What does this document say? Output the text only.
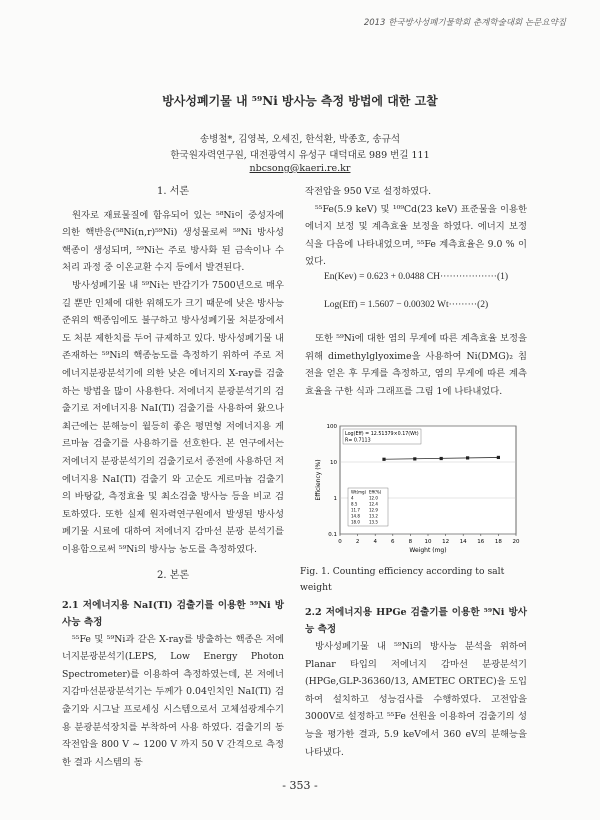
2013 한국방사성폐기물학회 춘계학술대회 논문요약집
방사성폐기물 내 ⁵⁹Ni 방사능 측정 방법에 대한 고찰
송병철*, 김영복, 오세진, 한석환, 박종호, 송규석
한국원자력연구원, 대전광역시 유성구 대덕대로 989 번길 111
nbcsong@kaeri.re.kr
1. 서론

원자로 재료물질에 함유되어 있는 ⁵⁸Ni이 중성자에 의한 핵반응(⁵⁸Ni(n,r)⁵⁹Ni) 생성물로써 ⁵⁹Ni 방사성 핵종이 생성되며, ⁵⁹Ni는 주로 방사화 된 금속이나 수 처리 과정 중 이온교환 수지 등에서 발견된다.

방사성폐기물 내 ⁵⁹Ni는 반감기가 7500년으로 매우 길 뿐만 인체에 대한 위해도가 크기 때문에 낮은 방사능 준위의 핵종임에도 불구하고 방사성폐기물 처분장에서도 처분 제한치를 두어 규제하고 있다. 방사성폐기물 내 존재하는 ⁵⁹Ni의 핵종농도를 측정하기 위하여 주로 저에너지분광분석기에 의한 낮은 에너지의 X-ray를 검출하는 방법을 많이 사용한다. 저에너지 분광분석기의 검출기로 저에너지용 NaI(Tl) 검출기를 사용하여 왔으나 최근에는 분해능이 월등히 좋은 평면형 저에너지용 게르마늄 검출기를 사용하기를 선호한다. 본 연구에서는 저에너지 분광분석기의 검출기로서 종전에 사용하던 저에너지용 NaI(Tl) 검출기 와 고순도 게르마늄 검출기의 바탕값, 측정효율 및 최소검출 방사능 등을 비교 검토하였다. 또한 실제 원자력연구원에서 발생된 방사성폐기물 시료에 대하여 저에너지 감마선 분광 분석기를 이용함으로써 ⁵⁹Ni의 방사능 농도를 측정하였다.

2. 본론
2.1 저에너지용 NaI(Tl) 검출기를 이용한 ⁵⁹Ni 방사능 측정

⁵⁵Fe 및 ⁵⁹Ni과 같은 X-ray를 방출하는 핵종은 저에너지분광분석기(LEPS, Low Energy Photon Spectrometer)를 이용하여 측정하였는데, 본 저에너지감마선분광분석기는 두께가 0.04인치인 NaI(Tl) 검출기와 시그날 프로세싱 시스템으로서 고체섬광계수기용 분광분석장치를 부착하여 사용 하였다. 검출기의 동작전압을 800 V ~ 1200 V 까지 50 V 간격으로 측정한 결과 시스템의 동

작전압을 950 V로 설정하였다.

⁵⁵Fe(5.9 keV) 및 ¹⁰⁹Cd(23 keV) 표준물을 이용한 에너지 보정 및 계측효율 보정을 하였다. 에너지 보정 식을 다음에 나타내었으며, ⁵⁵Fe 계측효율은 9.0 % 이었다.

En(Kev) = 0.623 + 0.0488 CH··················(1)
Log(Eff) = 1.5607 − 0.00302 Wt·········(2)

또한 ⁵⁹Ni에 대한 염의 무게에 따른 계측효율 보정을 위해 dimethylglyoxime을 사용하여 Ni(DMG)₂ 침전을 얻은 후 무게를 측정하고, 염의 무게에 따른 계측효율을 구한 식과 그래프를 그림 1에 나타내었다.

0.1
1
10
100
0	2	4	6	8 10 12 14 16 18 20
Weight (mg)
Efficiency (%)
Log(Eff) = 12.51379×0.17(Wt)
R= 0.7113
Wt(mg) Eff(%)
4	12.0
8.5	12.4
11.7 12.9
14.8 13.2
18.0 13.5
Fig. 1. Counting efficiency according to salt weight
2.2 저에너지용 HPGe 검출기를 이용한 ⁵⁹Ni 방사능 측정

방사성폐기물 내 ⁵⁹Ni의 방사능 분석을 위하여 Planar 타입의 저에너지 감마선 분광분석기(HPGe,GLP-36360/13, AMETEC ORTEC)을 도입하여 설치하고 성능검사를 수행하였다. 고전압을 3000V로 설정하고 ⁵⁵Fe 선원을 이용하여 검출기의 성능을 평가한 결과, 5.9 keV에서 360 eV의 분해능을 나타냈다.

- 353 -
